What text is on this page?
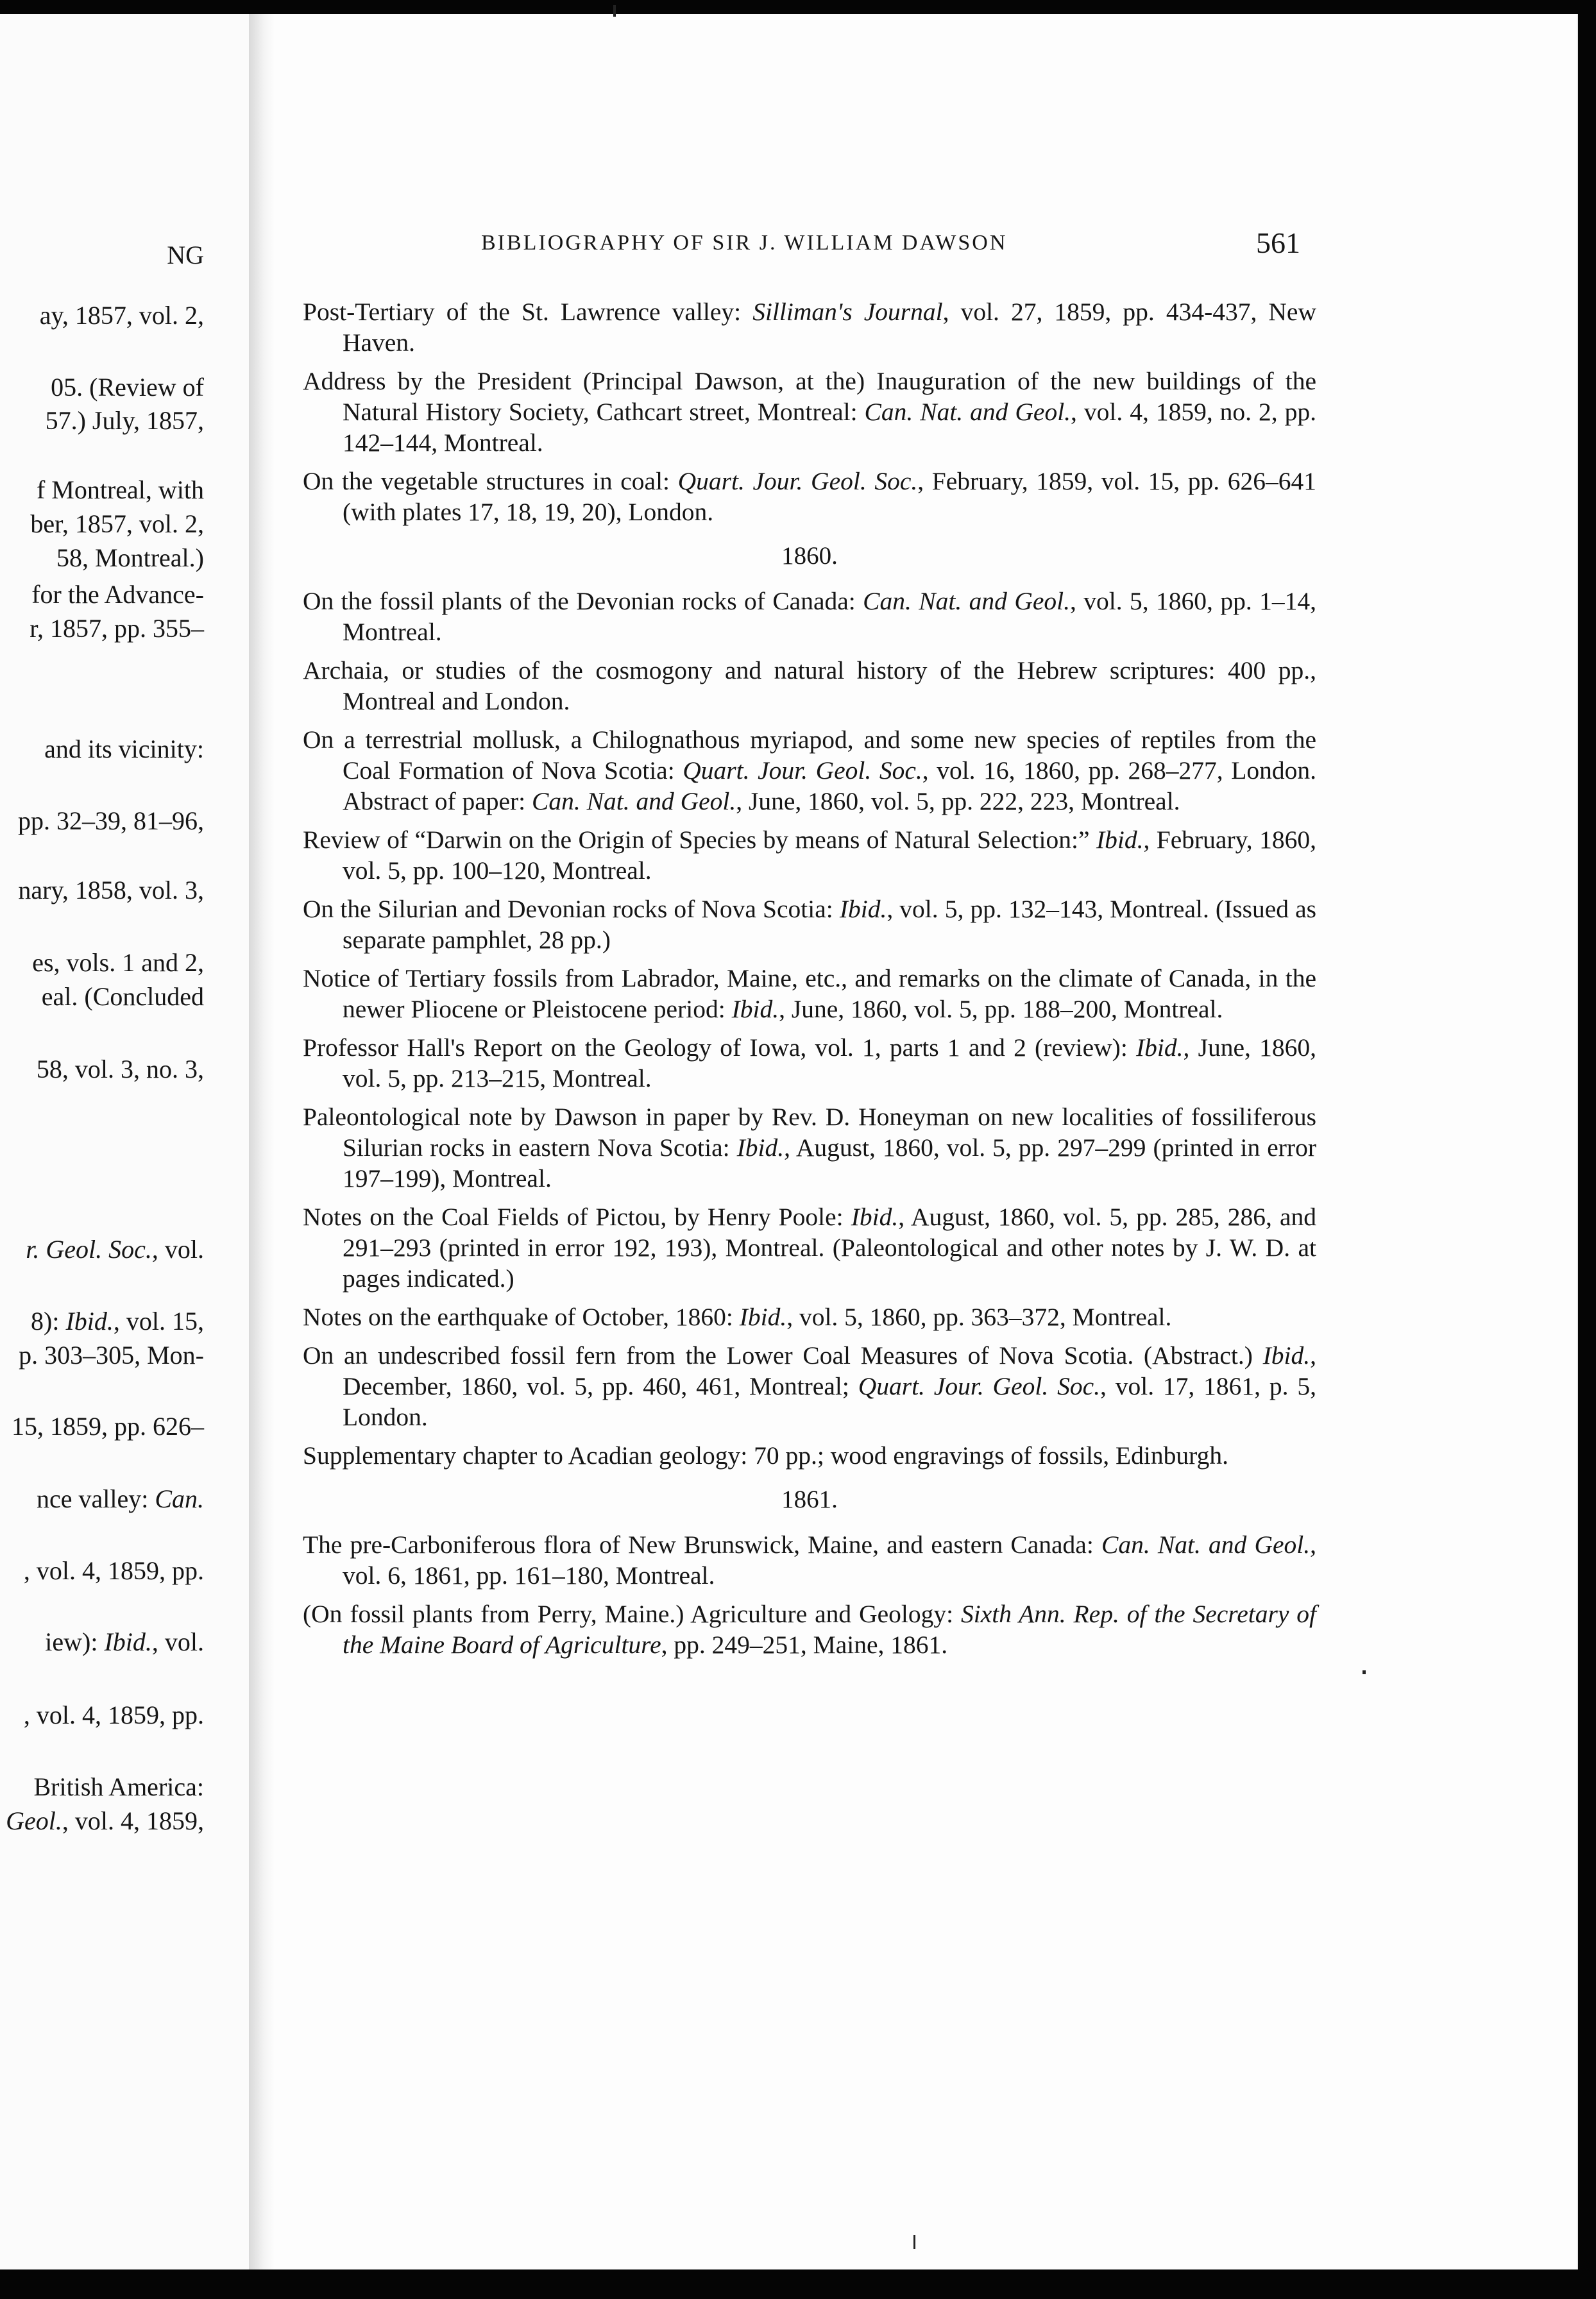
NG
ay, 1857, vol. 2,
05. (Review of
57.) July, 1857,
f Montreal, with
ber, 1857, vol. 2,
58, Montreal.)
for the Advance-
r, 1857, pp. 355–
and its vicinity:
pp. 32–39, 81–96,
nary, 1858, vol. 3,
es, vols. 1 and 2,
eal. (Concluded
58, vol. 3, no. 3,
r. Geol. Soc., vol.
8): Ibid., vol. 15,
p. 303–305, Mon-
15, 1859, pp. 626–
nce valley: Can.
, vol. 4, 1859, pp.
iew): Ibid., vol.
, vol. 4, 1859, pp.
British America:
Geol., vol. 4, 1859,
BIBLIOGRAPHY OF SIR J. WILLIAM DAWSON	561

Post-Tertiary of the St. Lawrence valley: Silliman's Journal, vol. 27, 1859, pp. 434-437, New Haven.

Address by the President (Principal Dawson, at the) Inauguration of the new buildings of the Natural History Society, Cathcart street, Montreal: Can. Nat. and Geol., vol. 4, 1859, no. 2, pp. 142–144, Montreal.

On the vegetable structures in coal: Quart. Jour. Geol. Soc., February, 1859, vol. 15, pp. 626–641 (with plates 17, 18, 19, 20), London.

1860.

On the fossil plants of the Devonian rocks of Canada: Can. Nat. and Geol., vol. 5, 1860, pp. 1–14, Montreal.

Archaia, or studies of the cosmogony and natural history of the Hebrew scriptures: 400 pp., Montreal and London.

On a terrestrial mollusk, a Chilognathous myriapod, and some new species of reptiles from the Coal Formation of Nova Scotia: Quart. Jour. Geol. Soc., vol. 16, 1860, pp. 268–277, London. Abstract of paper: Can. Nat. and Geol., June, 1860, vol. 5, pp. 222, 223, Montreal.

Review of “Darwin on the Origin of Species by means of Natural Selection:” Ibid., February, 1860, vol. 5, pp. 100–120, Montreal.

On the Silurian and Devonian rocks of Nova Scotia: Ibid., vol. 5, pp. 132–143, Montreal. (Issued as separate pamphlet, 28 pp.)

Notice of Tertiary fossils from Labrador, Maine, etc., and remarks on the climate of Canada, in the newer Pliocene or Pleistocene period: Ibid., June, 1860, vol. 5, pp. 188–200, Montreal.

Professor Hall's Report on the Geology of Iowa, vol. 1, parts 1 and 2 (review): Ibid., June, 1860, vol. 5, pp. 213–215, Montreal.

Paleontological note by Dawson in paper by Rev. D. Honeyman on new localities of fossiliferous Silurian rocks in eastern Nova Scotia: Ibid., August, 1860, vol. 5, pp. 297–299 (printed in error 197–199), Montreal.

Notes on the Coal Fields of Pictou, by Henry Poole: Ibid., August, 1860, vol. 5, pp. 285, 286, and 291–293 (printed in error 192, 193), Montreal. (Paleontological and other notes by J. W. D. at pages indicated.)

Notes on the earthquake of October, 1860: Ibid., vol. 5, 1860, pp. 363–372, Montreal.

On an undescribed fossil fern from the Lower Coal Measures of Nova Scotia. (Abstract.) Ibid., December, 1860, vol. 5, pp. 460, 461, Montreal; Quart. Jour. Geol. Soc., vol. 17, 1861, p. 5, London.

Supplementary chapter to Acadian geology: 70 pp.; wood engravings of fossils, Edinburgh.

1861.

The pre-Carboniferous flora of New Brunswick, Maine, and eastern Canada: Can. Nat. and Geol., vol. 6, 1861, pp. 161–180, Montreal.

(On fossil plants from Perry, Maine.) Agriculture and Geology: Sixth Ann. Rep. of the Secretary of the Maine Board of Agriculture, pp. 249–251, Maine, 1861.
